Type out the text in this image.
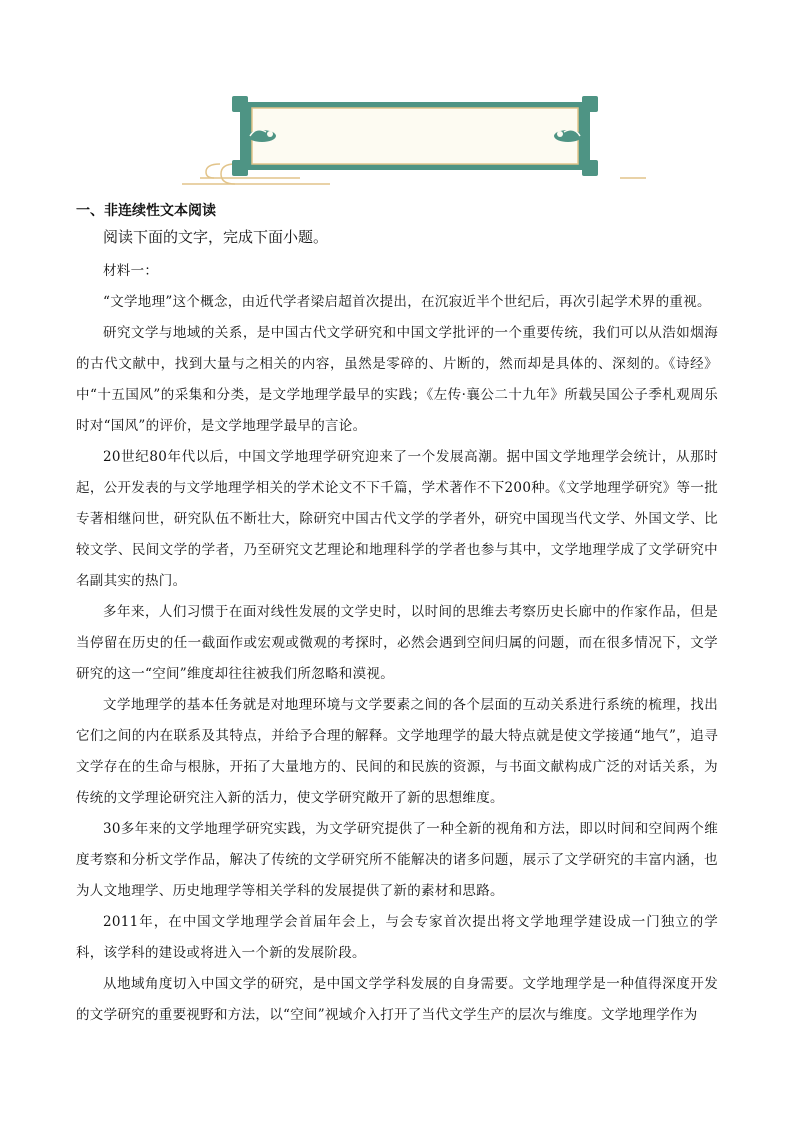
一、非连续性文本阅读
阅读下面的文字，完成下面小题。

材料一：

“文学地理”这个概念，由近代学者梁启超首次提出，在沉寂近半个世纪后，再次引起学术界的重视。

研究文学与地域的关系，是中国古代文学研究和中国文学批评的一个重要传统，我们可以从浩如烟海的古代文献中，找到大量与之相关的内容，虽然是零碎的、片断的，然而却是具体的、深刻的。《诗经》中“十五国风”的采集和分类，是文学地理学最早的实践；《左传·襄公二十九年》所载吴国公子季札观周乐时对“国风”的评价，是文学地理学最早的言论。

20世纪80年代以后，中国文学地理学研究迎来了一个发展高潮。据中国文学地理学会统计，从那时起，公开发表的与文学地理学相关的学术论文不下千篇，学术著作不下200种。《文学地理学研究》等一批专著相继问世，研究队伍不断壮大，除研究中国古代文学的学者外，研究中国现当代文学、外国文学、比较文学、民间文学的学者，乃至研究文艺理论和地理科学的学者也参与其中，文学地理学成了文学研究中名副其实的热门。

多年来，人们习惯于在面对线性发展的文学史时，以时间的思维去考察历史长廊中的作家作品，但是当停留在历史的任一截面作或宏观或微观的考探时，必然会遇到空间归属的问题，而在很多情况下，文学研究的这一“空间”维度却往往被我们所忽略和漠视。

文学地理学的基本任务就是对地理环境与文学要素之间的各个层面的互动关系进行系统的梳理，找出它们之间的内在联系及其特点，并给予合理的解释。文学地理学的最大特点就是使文学接通“地气”，追寻文学存在的生命与根脉，开拓了大量地方的、民间的和民族的资源，与书面文献构成广泛的对话关系，为传统的文学理论研究注入新的活力，使文学研究敞开了新的思想维度。

30多年来的文学地理学研究实践，为文学研究提供了一种全新的视角和方法，即以时间和空间两个维度考察和分析文学作品，解决了传统的文学研究所不能解决的诸多问题，展示了文学研究的丰富内涵，也为人文地理学、历史地理学等相关学科的发展提供了新的素材和思路。

2011年，在中国文学地理学会首届年会上，与会专家首次提出将文学地理学建设成一门独立的学科，该学科的建设或将进入一个新的发展阶段。

从地域角度切入中国文学的研究，是中国文学学科发展的自身需要。文学地理学是一种值得深度开发的文学研究的重要视野和方法，以“空间”视域介入打开了当代文学生产的层次与维度。文学地理学作为
